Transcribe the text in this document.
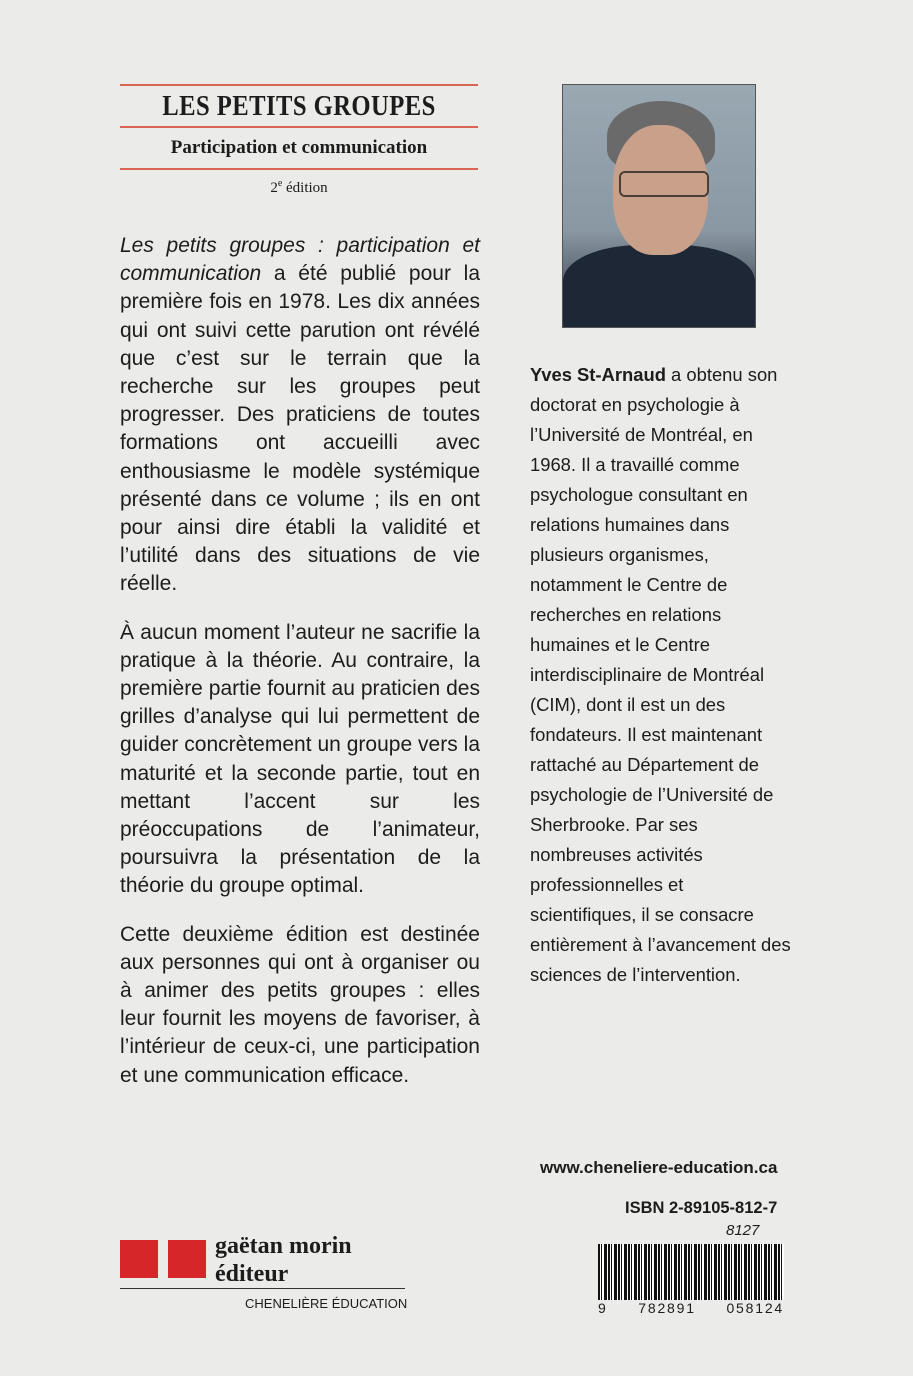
LES PETITS GROUPES
Participation et communication
2e édition

Les petits groupes : participation et communication a été publié pour la première fois en 1978. Les dix années qui ont suivi cette parution ont révélé que c’est sur le terrain que la recherche sur les groupes peut progresser. Des praticiens de toutes formations ont accueilli avec enthousiasme le modèle systémique présenté dans ce volume ; ils en ont pour ainsi dire établi la validité et l’utilité dans des situations de vie réelle.

À aucun moment l’auteur ne sacrifie la pratique à la théorie. Au contraire, la première partie fournit au praticien des grilles d’analyse qui lui permettent de guider concrètement un groupe vers la maturité et la seconde partie, tout en mettant l’accent sur les préoccupations de l’animateur, poursuivra la présentation de la théorie du groupe optimal.

Cette deuxième édition est destinée aux personnes qui ont à organiser ou à animer des petits groupes : elles leur fournit les moyens de favoriser, à l’intérieur de ceux-ci, une participation et une communication efficace.

Yves St-Arnaud a obtenu son doctorat en psychologie à l’Université de Montréal, en 1968. Il a travaillé comme psychologue consultant en relations humaines dans plusieurs organismes, notamment le Centre de recherches en relations humaines et le Centre interdisciplinaire de Montréal (CIM), dont il est un des fondateurs. Il est maintenant rattaché au Département de psychologie de l’Université de Sherbrooke. Par ses nombreuses activités professionnelles et scientifiques, il se consacre entièrement à l’avancement des sciences de l’intervention.

www.cheneliere-education.ca
ISBN 2-89105-812-7
8127
9 782891 058124
gaëtan morin
éditeur
CHENELIÈRE ÉDUCATION
